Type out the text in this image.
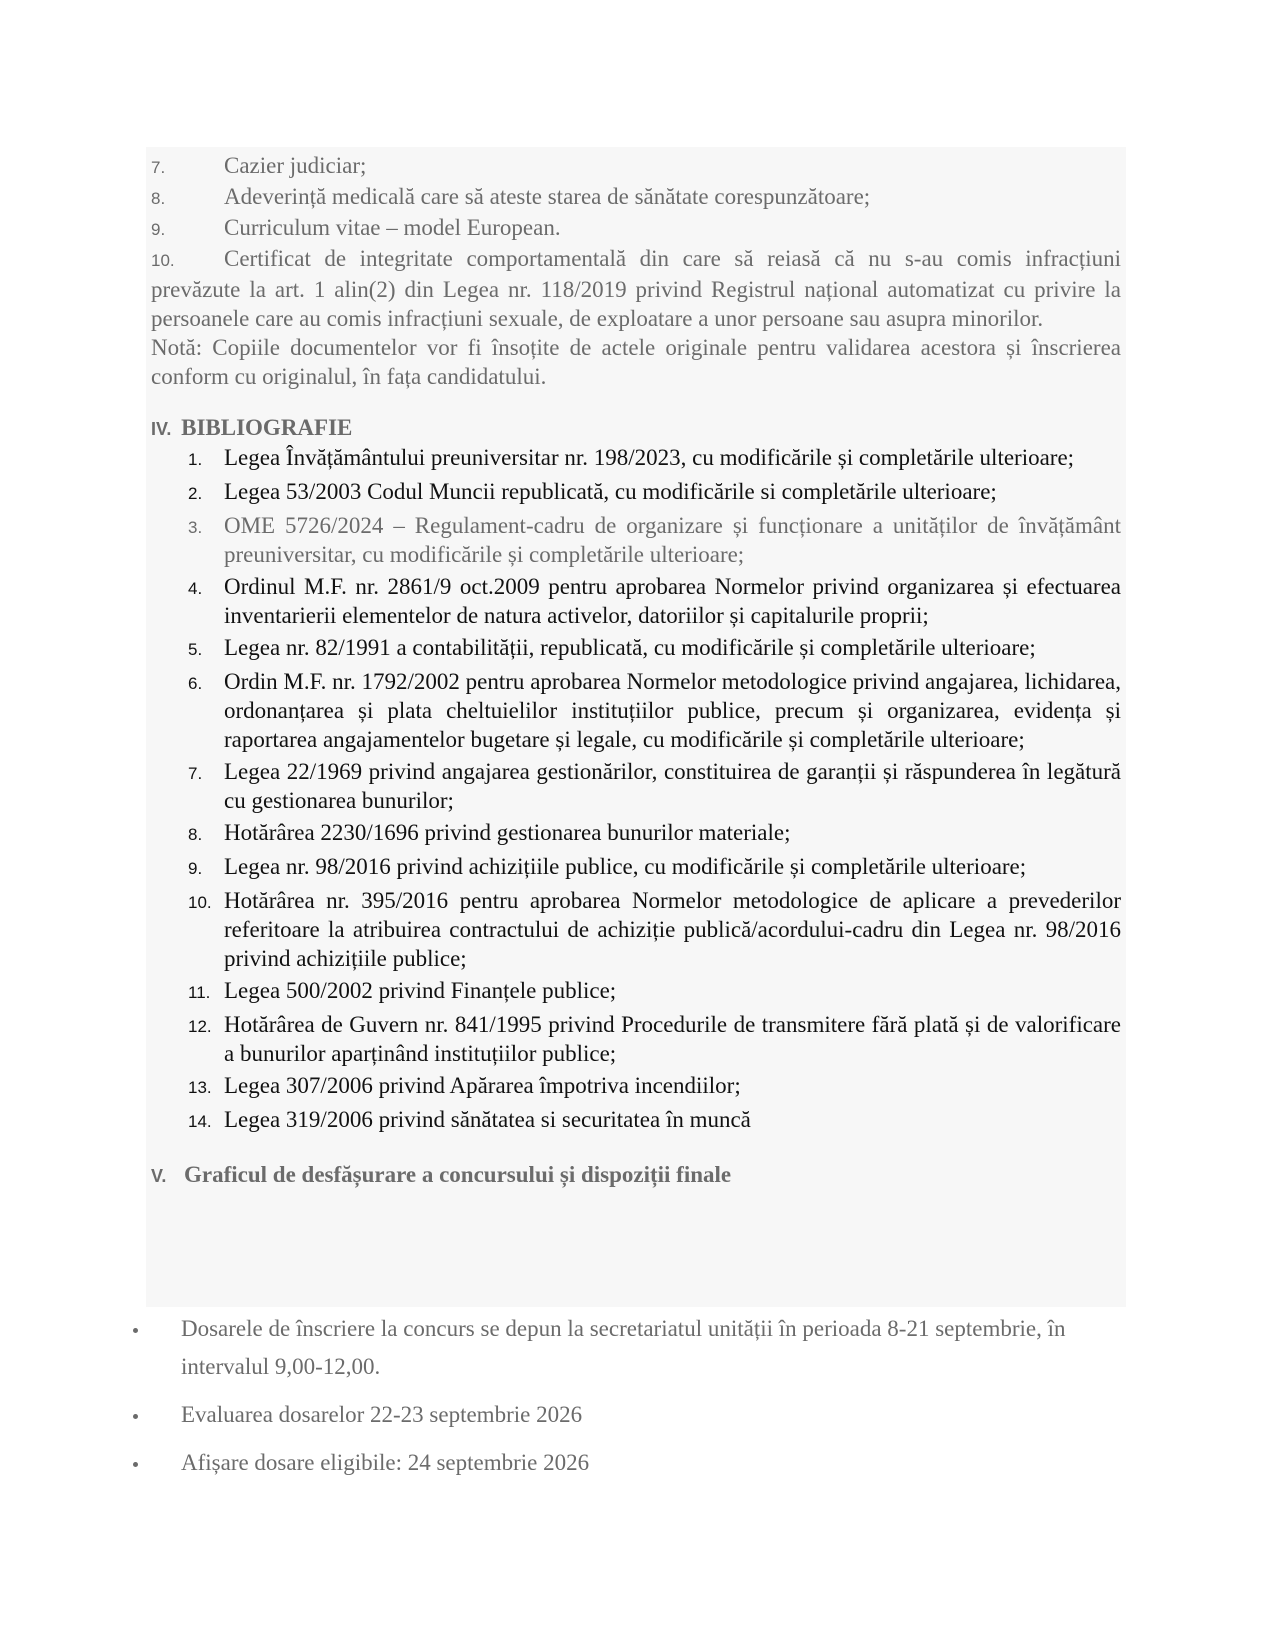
7.	Cazier judiciar;
8.	Adeverință medicală care să ateste starea de sănătate corespunzătoare;
9.	Curriculum vitae – model European.
10. Certificat de integritate comportamentală din care să reiasă că nu s-au comis infracțiuni prevăzute la art. 1 alin(2) din Legea nr. 118/2019 privind Registrul național automatizat cu privire la persoanele care au comis infracțiuni sexuale, de exploatare a unor persoane sau asupra minorilor.
Notă: Copiile documentelor vor fi însoțite de actele originale pentru validarea acestora și înscrierea conform cu originalul, în fața candidatului.
IV. BIBLIOGRAFIE
1. Legea Învățământului preuniversitar nr. 198/2023, cu modificările și completările ulterioare;
2. Legea 53/2003 Codul Muncii republicată, cu modificările si completările ulterioare;
3. OME 5726/2024 – Regulament-cadru de organizare și funcționare a unităților de învățământ preuniversitar, cu modificările și completările ulterioare;
4. Ordinul M.F. nr. 2861/9 oct.2009 pentru aprobarea Normelor privind organizarea și efectuarea inventarierii elementelor de natura activelor, datoriilor și capitalurile proprii;
5. Legea nr. 82/1991 a contabilității, republicată, cu modificările și completările ulterioare;
6. Ordin M.F. nr. 1792/2002 pentru aprobarea Normelor metodologice privind angajarea, lichidarea, ordonanțarea și plata cheltuielilor instituțiilor publice, precum și organizarea, evidența și raportarea angajamentelor bugetare și legale, cu modificările și completările ulterioare;
7. Legea 22/1969 privind angajarea gestionărilor, constituirea de garanții și răspunderea în legătură cu gestionarea bunurilor;
8. Hotărârea 2230/1696 privind gestionarea bunurilor materiale;
9. Legea nr. 98/2016 privind achizițiile publice, cu modificările și completările ulterioare;
10. Hotărârea nr. 395/2016 pentru aprobarea Normelor metodologice de aplicare a prevederilor referitoare la atribuirea contractului de achiziție publică/acordului-cadru din Legea nr. 98/2016 privind achizițiile publice;
11. Legea 500/2002 privind Finanțele publice;
12. Hotărârea de Guvern nr. 841/1995 privind Procedurile de transmitere fără plată și de valorificare a bunurilor aparținând instituțiilor publice;
13. Legea 307/2006 privind Apărarea împotriva incendiilor;
14. Legea 319/2006 privind sănătatea si securitatea în muncă
V. Graficul de desfășurare a concursului și dispoziții finale
Dosarele de înscriere la concurs se depun la secretariatul unității în perioada 8-21 septembrie, în intervalul 9,00-12,00.
Evaluarea dosarelor 22-23 septembrie 2026
Afișare dosare eligibile: 24 septembrie 2026
